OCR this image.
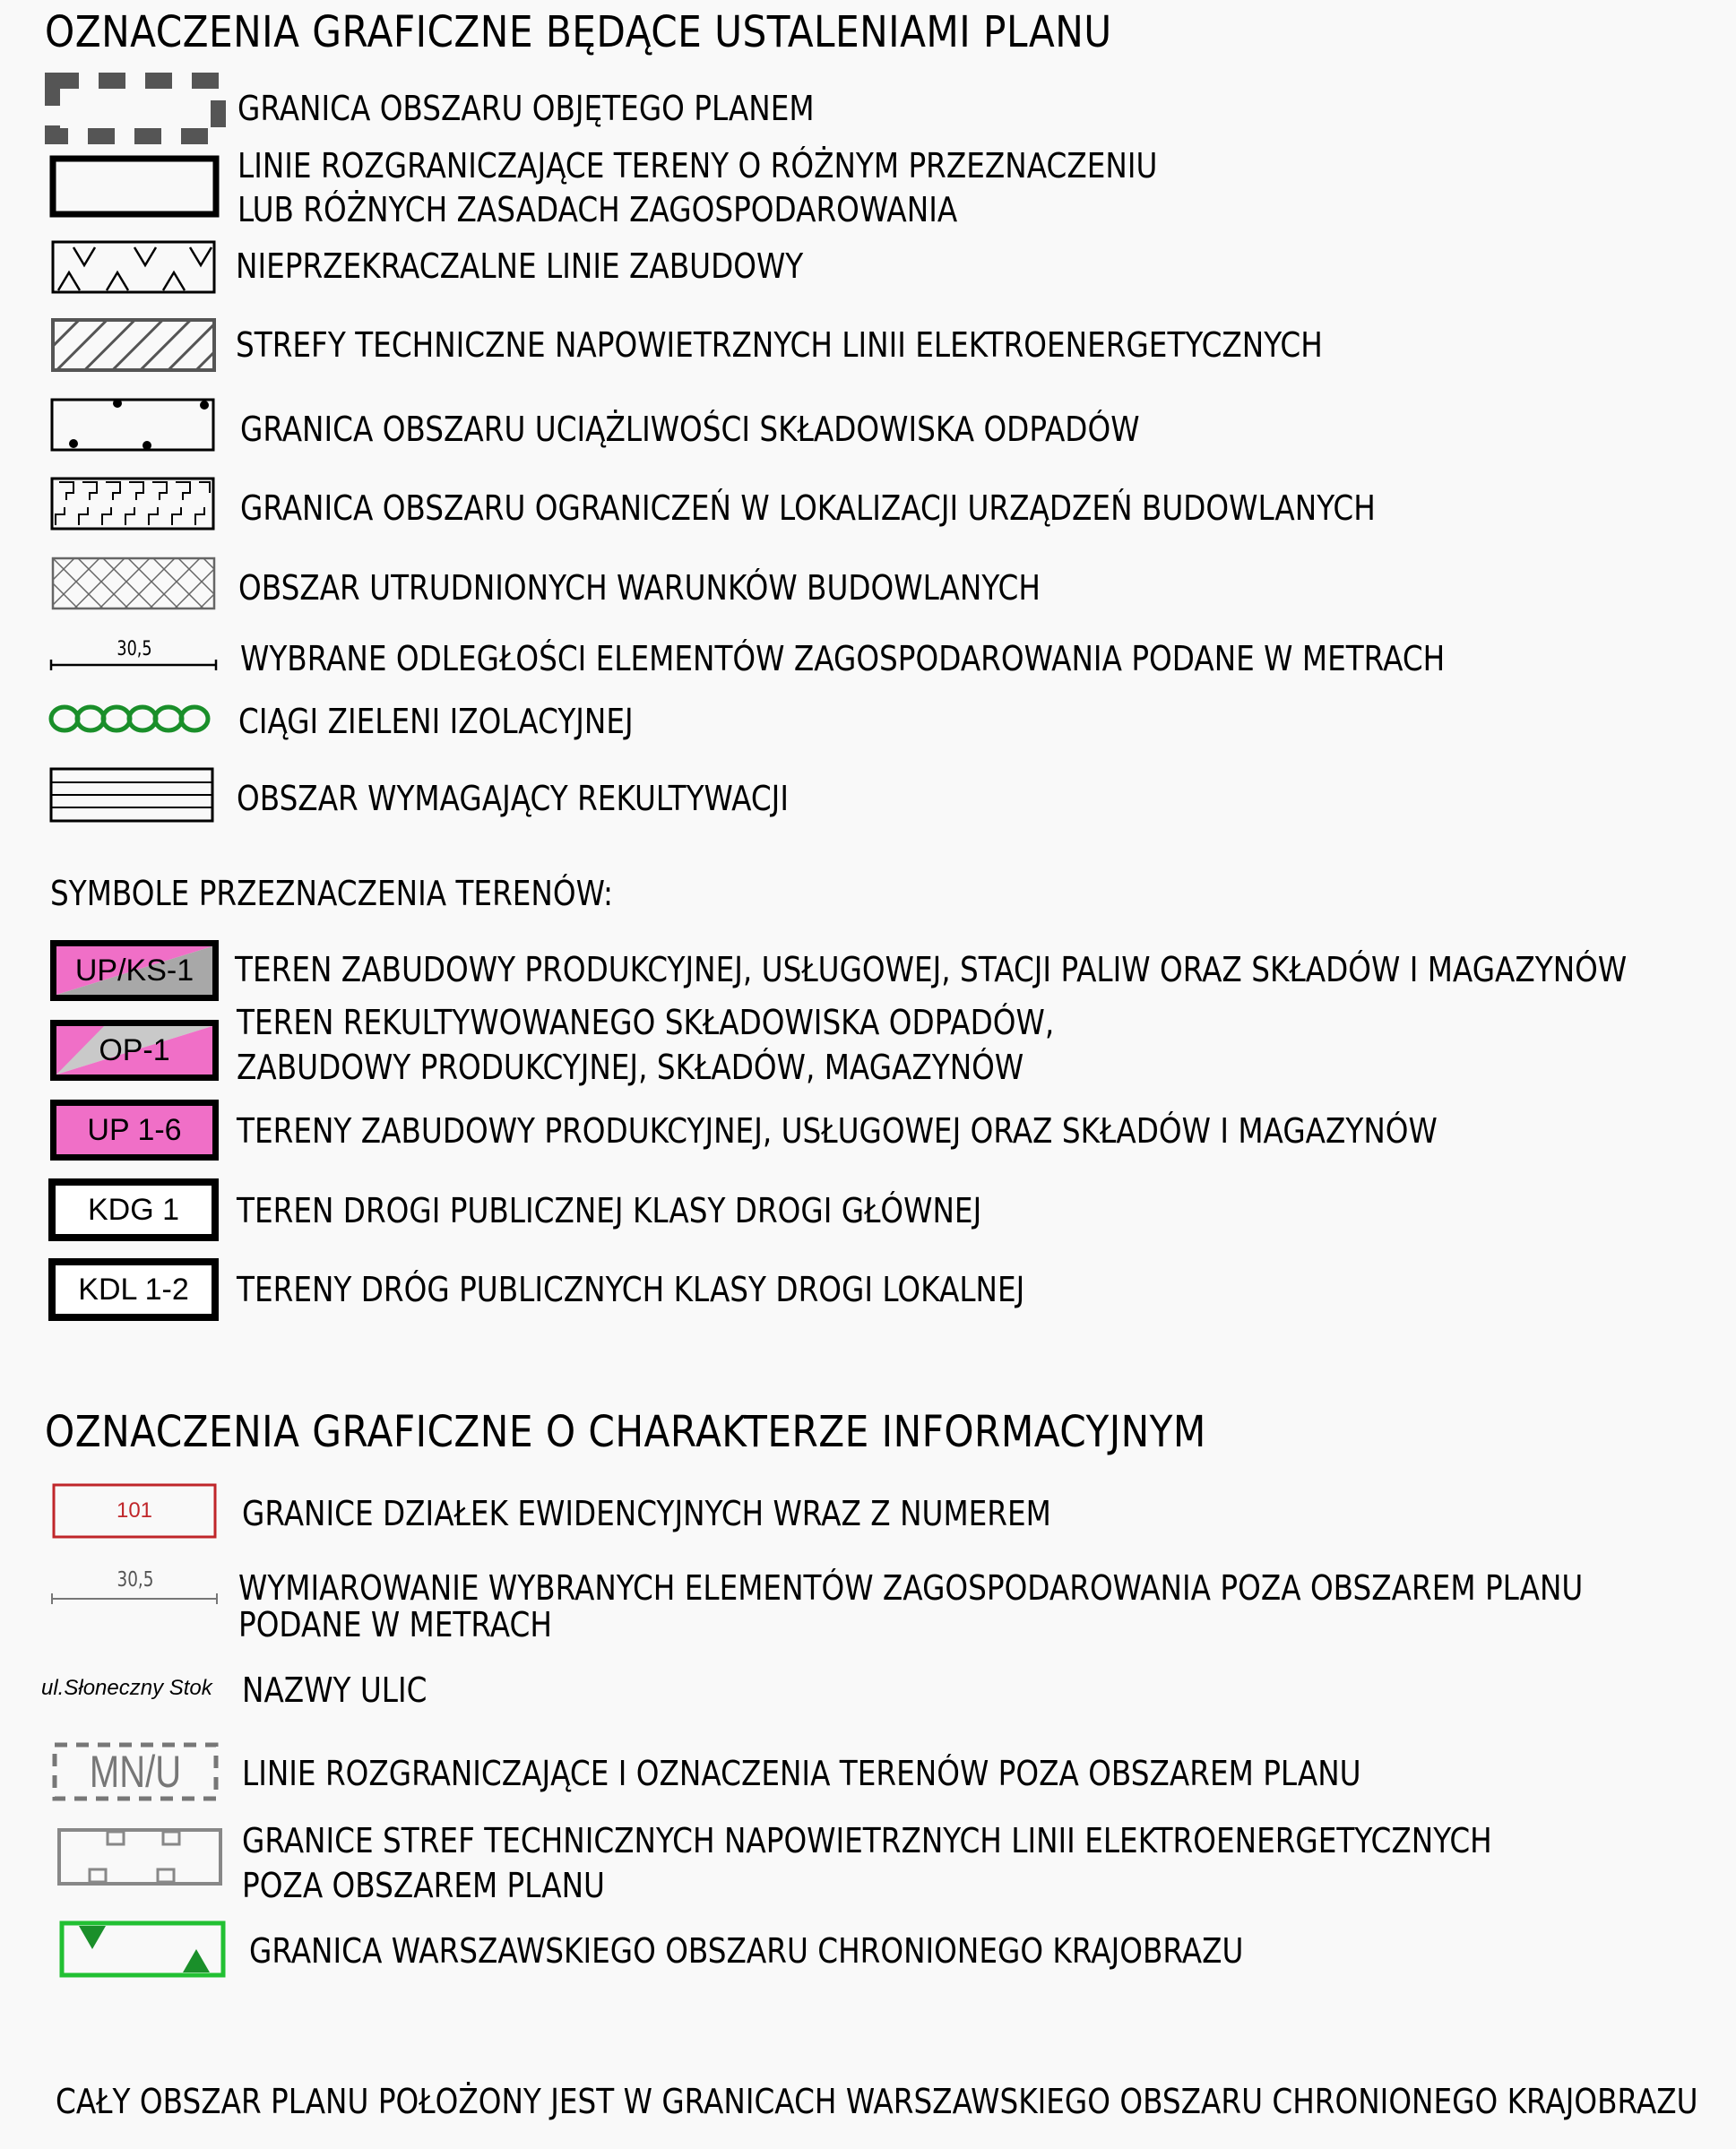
OZNACZENIA GRAFICZNE BĘDĄCE USTALENIAMI PLANU
GRANICA OBSZARU OBJĘTEGO PLANEM
LINIE ROZGRANICZAJĄCE TERENY O RÓŻNYM PRZEZNACZENIU
LUB RÓŻNYCH ZASADACH ZAGOSPODAROWANIA
NIEPRZEKRACZALNE LINIE ZABUDOWY
STREFY TECHNICZNE NAPOWIETRZNYCH LINII ELEKTROENERGETYCZNYCH
GRANICA OBSZARU UCIĄŻLIWOŚCI SKŁADOWISKA ODPADÓW
GRANICA OBSZARU OGRANICZEŃ W LOKALIZACJI URZĄDZEŃ BUDOWLANYCH
OBSZAR UTRUDNIONYCH WARUNKÓW BUDOWLANYCH
30,5	WYBRANE ODLEGŁOŚCI ELEMENTÓW ZAGOSPODAROWANIA PODANE W METRACH
CIĄGI ZIELENI IZOLACYJNEJ
OBSZAR WYMAGAJĄCY REKULTYWACJI
SYMBOLE PRZEZNACZENIA TERENÓW:
UP/KS-1	TEREN ZABUDOWY PRODUKCYJNEJ, USŁUGOWEJ, STACJI PALIW ORAZ SKŁADÓW I MAGAZYNÓW
OP-1
TEREN REKULTYWOWANEGO SKŁADOWISKA ODPADÓW,
ZABUDOWY PRODUKCYJNEJ, SKŁADÓW, MAGAZYNÓW
UP 1-6	TERENY ZABUDOWY PRODUKCYJNEJ, USŁUGOWEJ ORAZ SKŁADÓW I MAGAZYNÓW
KDG 1	TEREN DROGI PUBLICZNEJ KLASY DROGI GŁÓWNEJ
KDL 1-2	TERENY DRÓG PUBLICZNYCH KLASY DROGI LOKALNEJ
OZNACZENIA GRAFICZNE O CHARAKTERZE INFORMACYJNYM
101	GRANICE DZIAŁEK EWIDENCYJNYCH WRAZ Z NUMEREM
30,5	WYMIAROWANIE WYBRANYCH ELEMENTÓW ZAGOSPODAROWANIA POZA OBSZAREM PLANU
PODANE W METRACH
ul.Słoneczny Stok NAZWY ULIC
MN/U	LINIE ROZGRANICZAJĄCE I OZNACZENIA TERENÓW POZA OBSZAREM PLANU
GRANICE STREF TECHNICZNYCH NAPOWIETRZNYCH LINII ELEKTROENERGETYCZNYCH
POZA OBSZAREM PLANU
GRANICA WARSZAWSKIEGO OBSZARU CHRONIONEGO KRAJOBRAZU
CAŁY OBSZAR PLANU POŁOŻONY JEST W GRANICACH WARSZAWSKIEGO OBSZARU CHRONIONEGO KRAJOBRAZU
